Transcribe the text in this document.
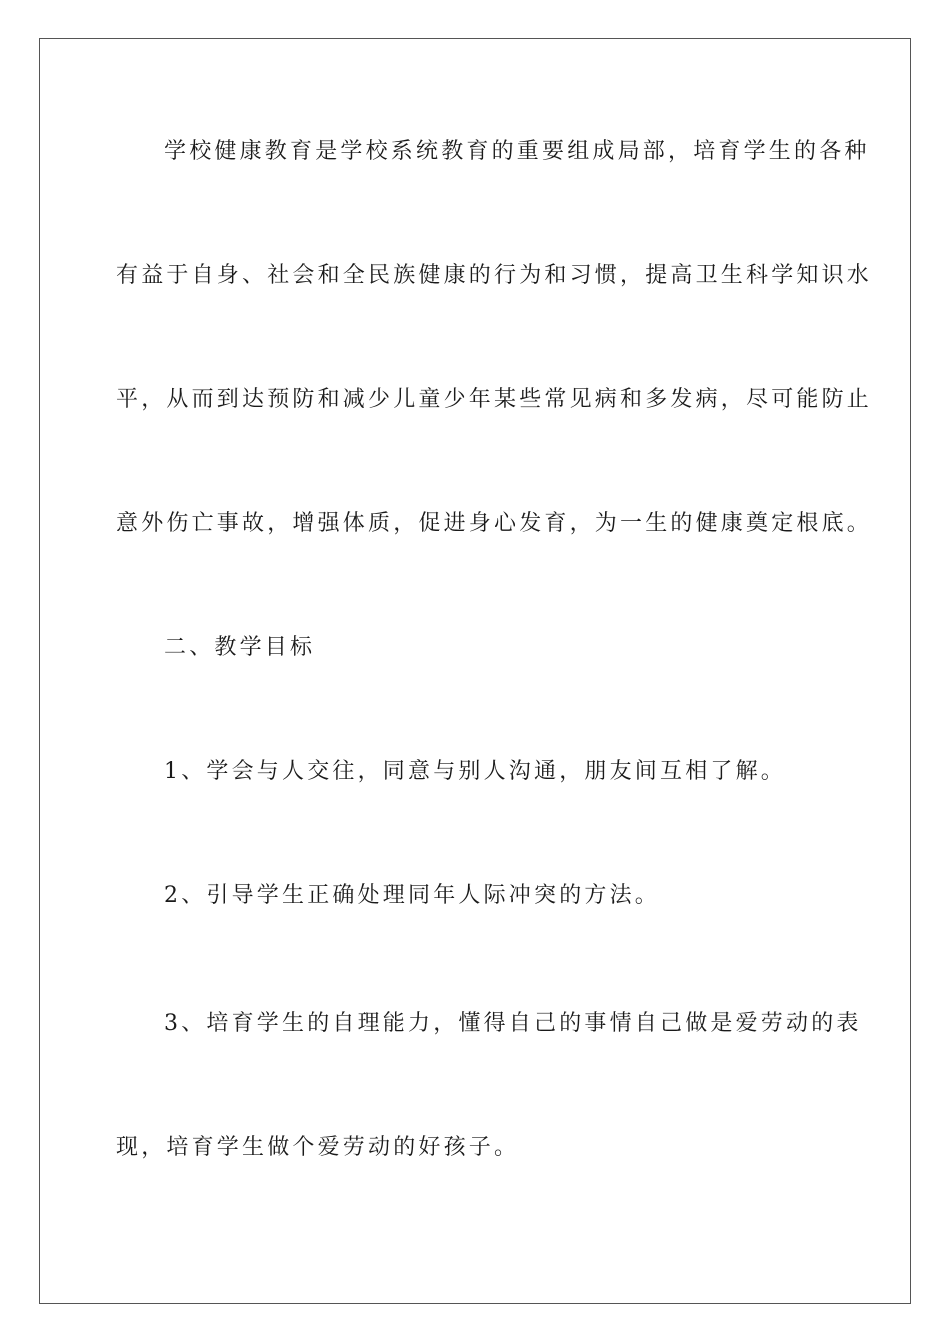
学校健康教育是学校系统教育的重要组成局部，培育学生的各种
有益于自身、社会和全民族健康的行为和习惯，提高卫生科学知识水
平，从而到达预防和减少儿童少年某些常见病和多发病，尽可能防止
意外伤亡事故，增强体质，促进身心发育，为一生的健康奠定根底。
二、教学目标
1、学会与人交往，同意与别人沟通，朋友间互相了解。
2、引导学生正确处理同年人际冲突的方法。
3、培育学生的自理能力，懂得自己的事情自己做是爱劳动的表
现，培育学生做个爱劳动的好孩子。
